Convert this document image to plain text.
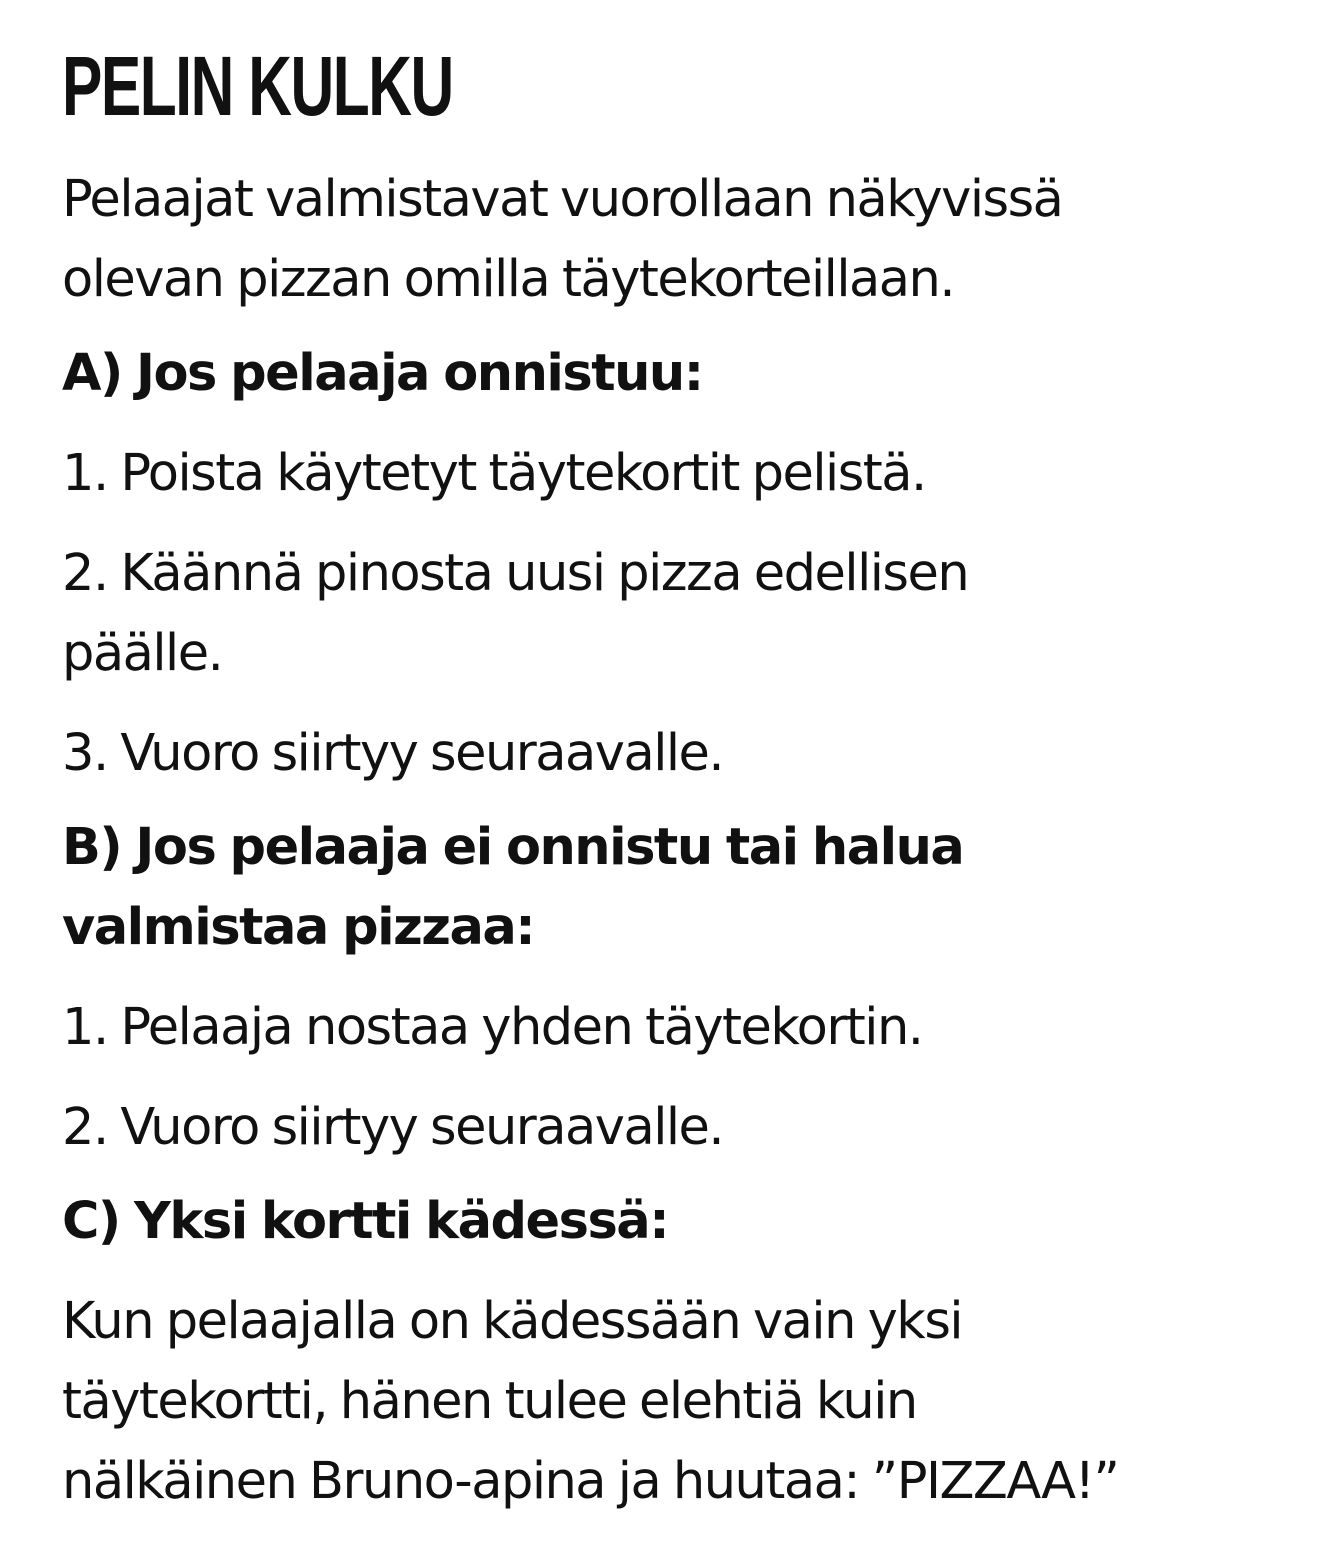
PELIN KULKU

Pelaajat valmistavat vuorollaan näkyvissä

olevan pizzan omilla täytekorteillaan.

A) Jos pelaaja onnistuu:

1. Poista käytetyt täytekortit pelistä.

2. Käännä pinosta uusi pizza edellisen

päälle.

3. Vuoro siirtyy seuraavalle.

B) Jos pelaaja ei onnistu tai halua

valmistaa pizzaa:

1. Pelaaja nostaa yhden täytekortin.

2. Vuoro siirtyy seuraavalle.

C) Yksi kortti kädessä:

Kun pelaajalla on kädessään vain yksi

täytekortti, hänen tulee elehtiä kuin

nälkäinen Bruno-apina ja huutaa: ”PIZZAA!”
